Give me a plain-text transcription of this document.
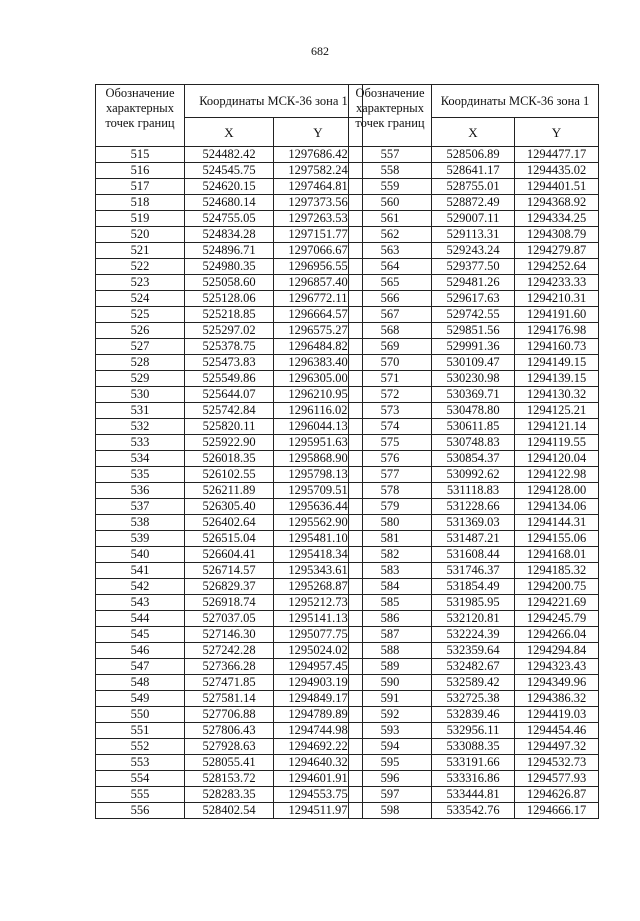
682
Обозначение характерных точек границ	Координаты МСК-36 зона 1	
	X	Y
515	524482.42	1297686.42
516	524545.75	1297582.24
517	524620.15	1297464.81
518	524680.14	1297373.56
519	524755.05	1297263.53
520	524834.28	1297151.77
521	524896.71	1297066.67
522	524980.35	1296956.55
523	525058.60	1296857.40
524	525128.06	1296772.11
525	525218.85	1296664.57
526	525297.02	1296575.27
527	525378.75	1296484.82
528	525473.83	1296383.40
529	525549.86	1296305.00
530	525644.07	1296210.95
531	525742.84	1296116.02
532	525820.11	1296044.13
533	525922.90	1295951.63
534	526018.35	1295868.90
535	526102.55	1295798.13
536	526211.89	1295709.51
537	526305.40	1295636.44
538	526402.64	1295562.90
539	526515.04	1295481.10
540	526604.41	1295418.34
541	526714.57	1295343.61
542	526829.37	1295268.87
543	526918.74	1295212.73
544	527037.05	1295141.13
545	527146.30	1295077.75
546	527242.28	1295024.02
547	527366.28	1294957.45
548	527471.85	1294903.19
549	527581.14	1294849.17
550	527706.88	1294789.89
551	527806.43	1294744.98
552	527928.63	1294692.22
553	528055.41	1294640.32
554	528153.72	1294601.91
555	528283.35	1294553.75
556	528402.54	1294511.97
Обозначение характерных точек границ	Координаты МСК-36 зона 1	
	X	Y
557	528506.89	1294477.17
558	528641.17	1294435.02
559	528755.01	1294401.51
560	528872.49	1294368.92
561	529007.11	1294334.25
562	529113.31	1294308.79
563	529243.24	1294279.87
564	529377.50	1294252.64
565	529481.26	1294233.33
566	529617.63	1294210.31
567	529742.55	1294191.60
568	529851.56	1294176.98
569	529991.36	1294160.73
570	530109.47	1294149.15
571	530230.98	1294139.15
572	530369.71	1294130.32
573	530478.80	1294125.21
574	530611.85	1294121.14
575	530748.83	1294119.55
576	530854.37	1294120.04
577	530992.62	1294122.98
578	531118.83	1294128.00
579	531228.66	1294134.06
580	531369.03	1294144.31
581	531487.21	1294155.06
582	531608.44	1294168.01
583	531746.37	1294185.32
584	531854.49	1294200.75
585	531985.95	1294221.69
586	532120.81	1294245.79
587	532224.39	1294266.04
588	532359.64	1294294.84
589	532482.67	1294323.43
590	532589.42	1294349.96
591	532725.38	1294386.32
592	532839.46	1294419.03
593	532956.11	1294454.46
594	533088.35	1294497.32
595	533191.66	1294532.73
596	533316.86	1294577.93
597	533444.81	1294626.87
598	533542.76	1294666.17
